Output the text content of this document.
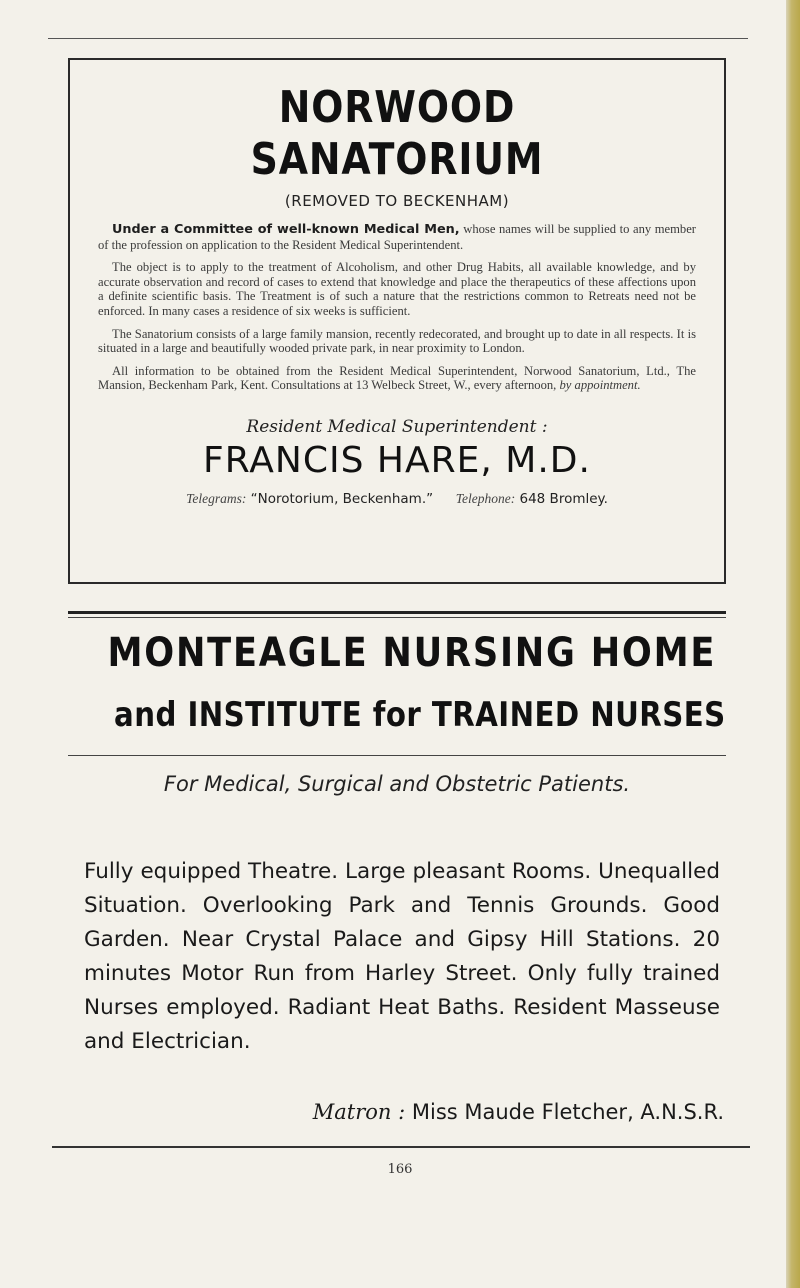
NORWOOD SANATORIUM
(REMOVED TO BECKENHAM)

Under a Committee of well-known Medical Men, whose names will be supplied to any member of the profession on application to the Resident Medical Superintendent.

The object is to apply to the treatment of Alcoholism, and other Drug Habits, all available knowledge, and by accurate observation and record of cases to extend that knowledge and place the therapeutics of these affections upon a definite scientific basis. The Treatment is of such a nature that the restrictions common to Retreats need not be enforced. In many cases a residence of six weeks is sufficient.

The Sanatorium consists of a large family mansion, recently redecorated, and brought up to date in all respects. It is situated in a large and beautifully wooded private park, in near proximity to London.

All information to be obtained from the Resident Medical Superintendent, Norwood Sanatorium, Ltd., The Mansion, Beckenham Park, Kent. Consultations at 13 Welbeck Street, W., every afternoon, by appointment.

Resident Medical Superintendent :
FRANCIS HARE, M.D.
Telegrams: “Norotorium, Beckenham.” Telephone: 648 Bromley.
MONTEAGLE NURSING HOME
and INSTITUTE for TRAINED NURSES
For Medical, Surgical and Obstetric Patients.
Fully equipped Theatre. Large pleasant Rooms. Unequalled Situation. Overlooking Park and Tennis Grounds. Good Garden. Near Crystal Palace and Gipsy Hill Stations. 20 minutes Motor Run from Harley Street. Only fully trained Nurses employed. Radiant Heat Baths. Resident Masseuse and Electrician.
Matron : Miss Maude Fletcher, A.N.S.R.
166
